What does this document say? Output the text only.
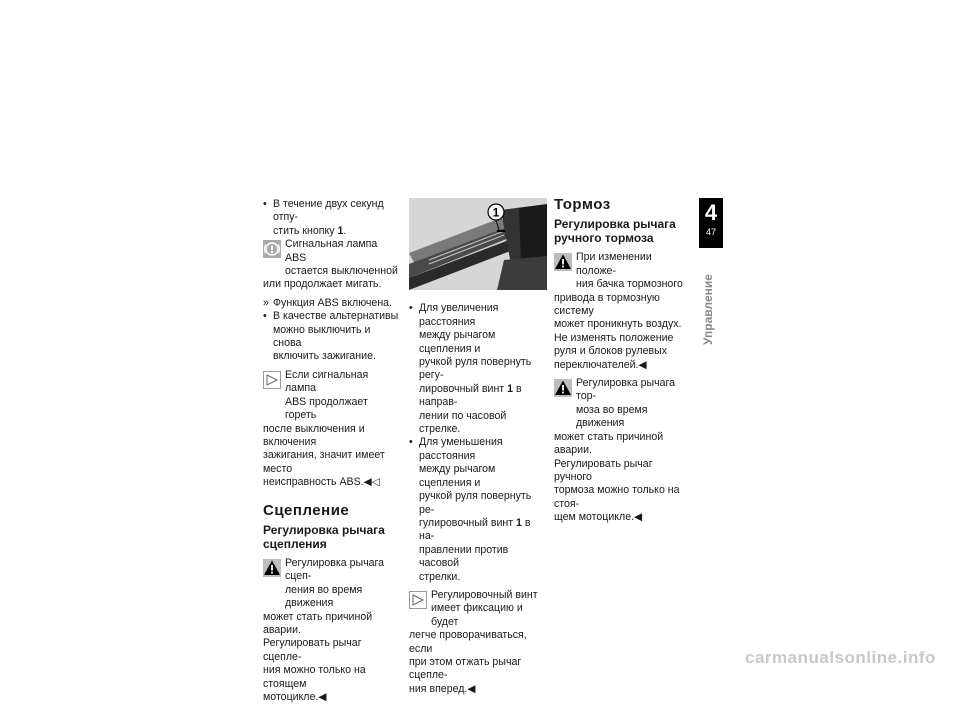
• В течение двух секунд отпу-

стить кнопку 1.

Сигнальная лампа ABS

остается выключенной

или продолжает мигать.

» Функция ABS включена.

• В качестве альтернативы

можно выключить и снова

включить зажигание.

Если сигнальная лампа

ABS продолжает гореть

после выключения и включения

зажигания, значит имеет место

неисправность ABS.◀◁

Сцепление
Регулировка рычага
сцепления

Регулировка рычага сцеп-

ления во время движения

может стать причиной аварии.

Регулировать рычаг сцепле-

ния можно только на стоящем

мотоцикле.◀

1
• Для увеличения расстояния

между рычагом сцепления и

ручкой руля повернуть регу-

лировочный винт 1 в направ-

лении по часовой стрелке.

• Для уменьшения расстояния

между рычагом сцепления и

ручкой руля повернуть ре-

гулировочный винт 1 в на-

правлении против часовой

стрелки.

Регулировочный винт

имеет фиксацию и будет

легче проворачиваться, если

при этом отжать рычаг сцепле-

ния вперед.◀

Тормоз
Регулировка рычага
ручного тормоза

При изменении положе-

ния бачка тормозного

привода в тормозную систему

может проникнуть воздух.

Не изменять положение

руля и блоков рулевых

переключателей.◀

Регулировка рычага тор-

моза во время движения

может стать причиной аварии.

Регулировать рычаг ручного

тормоза можно только на стоя-

щем мотоцикле.◀

4
47
Управление
carmanualsonline.info
